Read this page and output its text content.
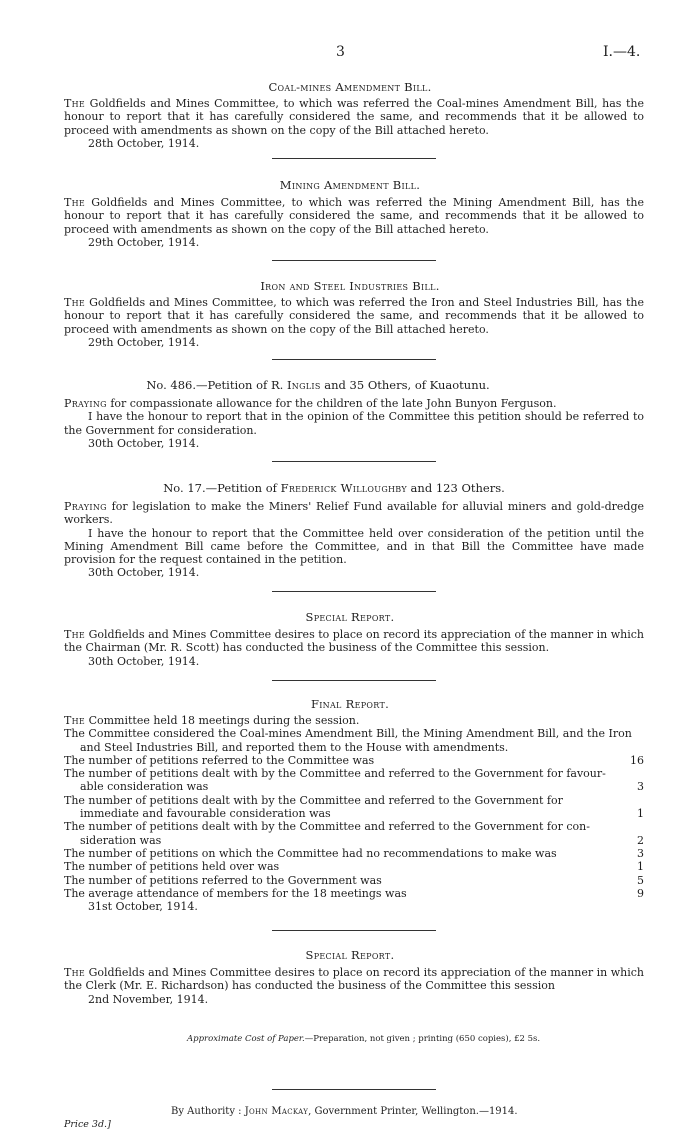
3	I.—4.
Coal-mines Amendment Bill.

The Goldfields and Mines Committee, to which was referred the Coal-mines Amendment Bill, has the honour to report that it has carefully considered the same, and recommends that it be allowed to proceed with amendments as shown on the copy of the Bill attached hereto.

28th October, 1914.

Mining Amendment Bill.

The Goldfields and Mines Committee, to which was referred the Mining Amendment Bill, has the honour to report that it has carefully considered the same, and recommends that it be allowed to proceed with amendments as shown on the copy of the Bill attached hereto.

29th October, 1914.

Iron and Steel Industries Bill.

The Goldfields and Mines Committee, to which was referred the Iron and Steel Industries Bill, has the honour to report that it has carefully considered the same, and recommends that it be allowed to proceed with amendments as shown on the copy of the Bill attached hereto.

29th October, 1914.

No. 486.—Petition of R. Inglis and 35 Others, of Kuaotunu.

Praying for compassionate allowance for the children of the late John Bunyon Ferguson.

I have the honour to report that in the opinion of the Committee this petition should be referred to the Government for consideration.

30th October, 1914.

No. 17.—Petition of Frederick Willoughby and 123 Others.

Praying for legislation to make the Miners' Relief Fund available for alluvial miners and gold-dredge workers.

I have the honour to report that the Committee held over consideration of the petition until the Mining Amendment Bill came before the Committee, and in that Bill the Committee have made provision for the request contained in the petition.

30th October, 1914.

Special Report.

The Goldfields and Mines Committee desires to place on record its appreciation of the manner in which the Chairman (Mr. R. Scott) has conducted the business of the Committee this session.

30th October, 1914.

Final Report.

The Committee held 18 meetings during the session.

The Committee considered the Coal-mines Amendment Bill, the Mining Amendment Bill, and the Iron and Steel Industries Bill, and reported them to the House with amendments.

The number of petitions referred to the Committee was	16
The number of petitions dealt with by the Committee and referred to the Government for favour-
able consideration was	3
The number of petitions dealt with by the Committee and referred to the Government for
immediate and favourable consideration was	1
The number of petitions dealt with by the Committee and referred to the Government for con-
sideration was	2
The number of petitions on which the Committee had no recommendations to make was	3
The number of petitions held over was	1
The number of petitions referred to the Government was	5
The average attendance of members for the 18 meetings was	9

31st October, 1914.

Special Report.

The Goldfields and Mines Committee desires to place on record its appreciation of the manner in which the Clerk (Mr. E. Richardson) has conducted the business of the Committee this session

2nd November, 1914.

Approximate Cost of Paper.—Preparation, not given ; printing (650 copies), £2 5s.
By Authority : John Mackay, Government Printer, Wellington.—1914.
Price 3d.]
